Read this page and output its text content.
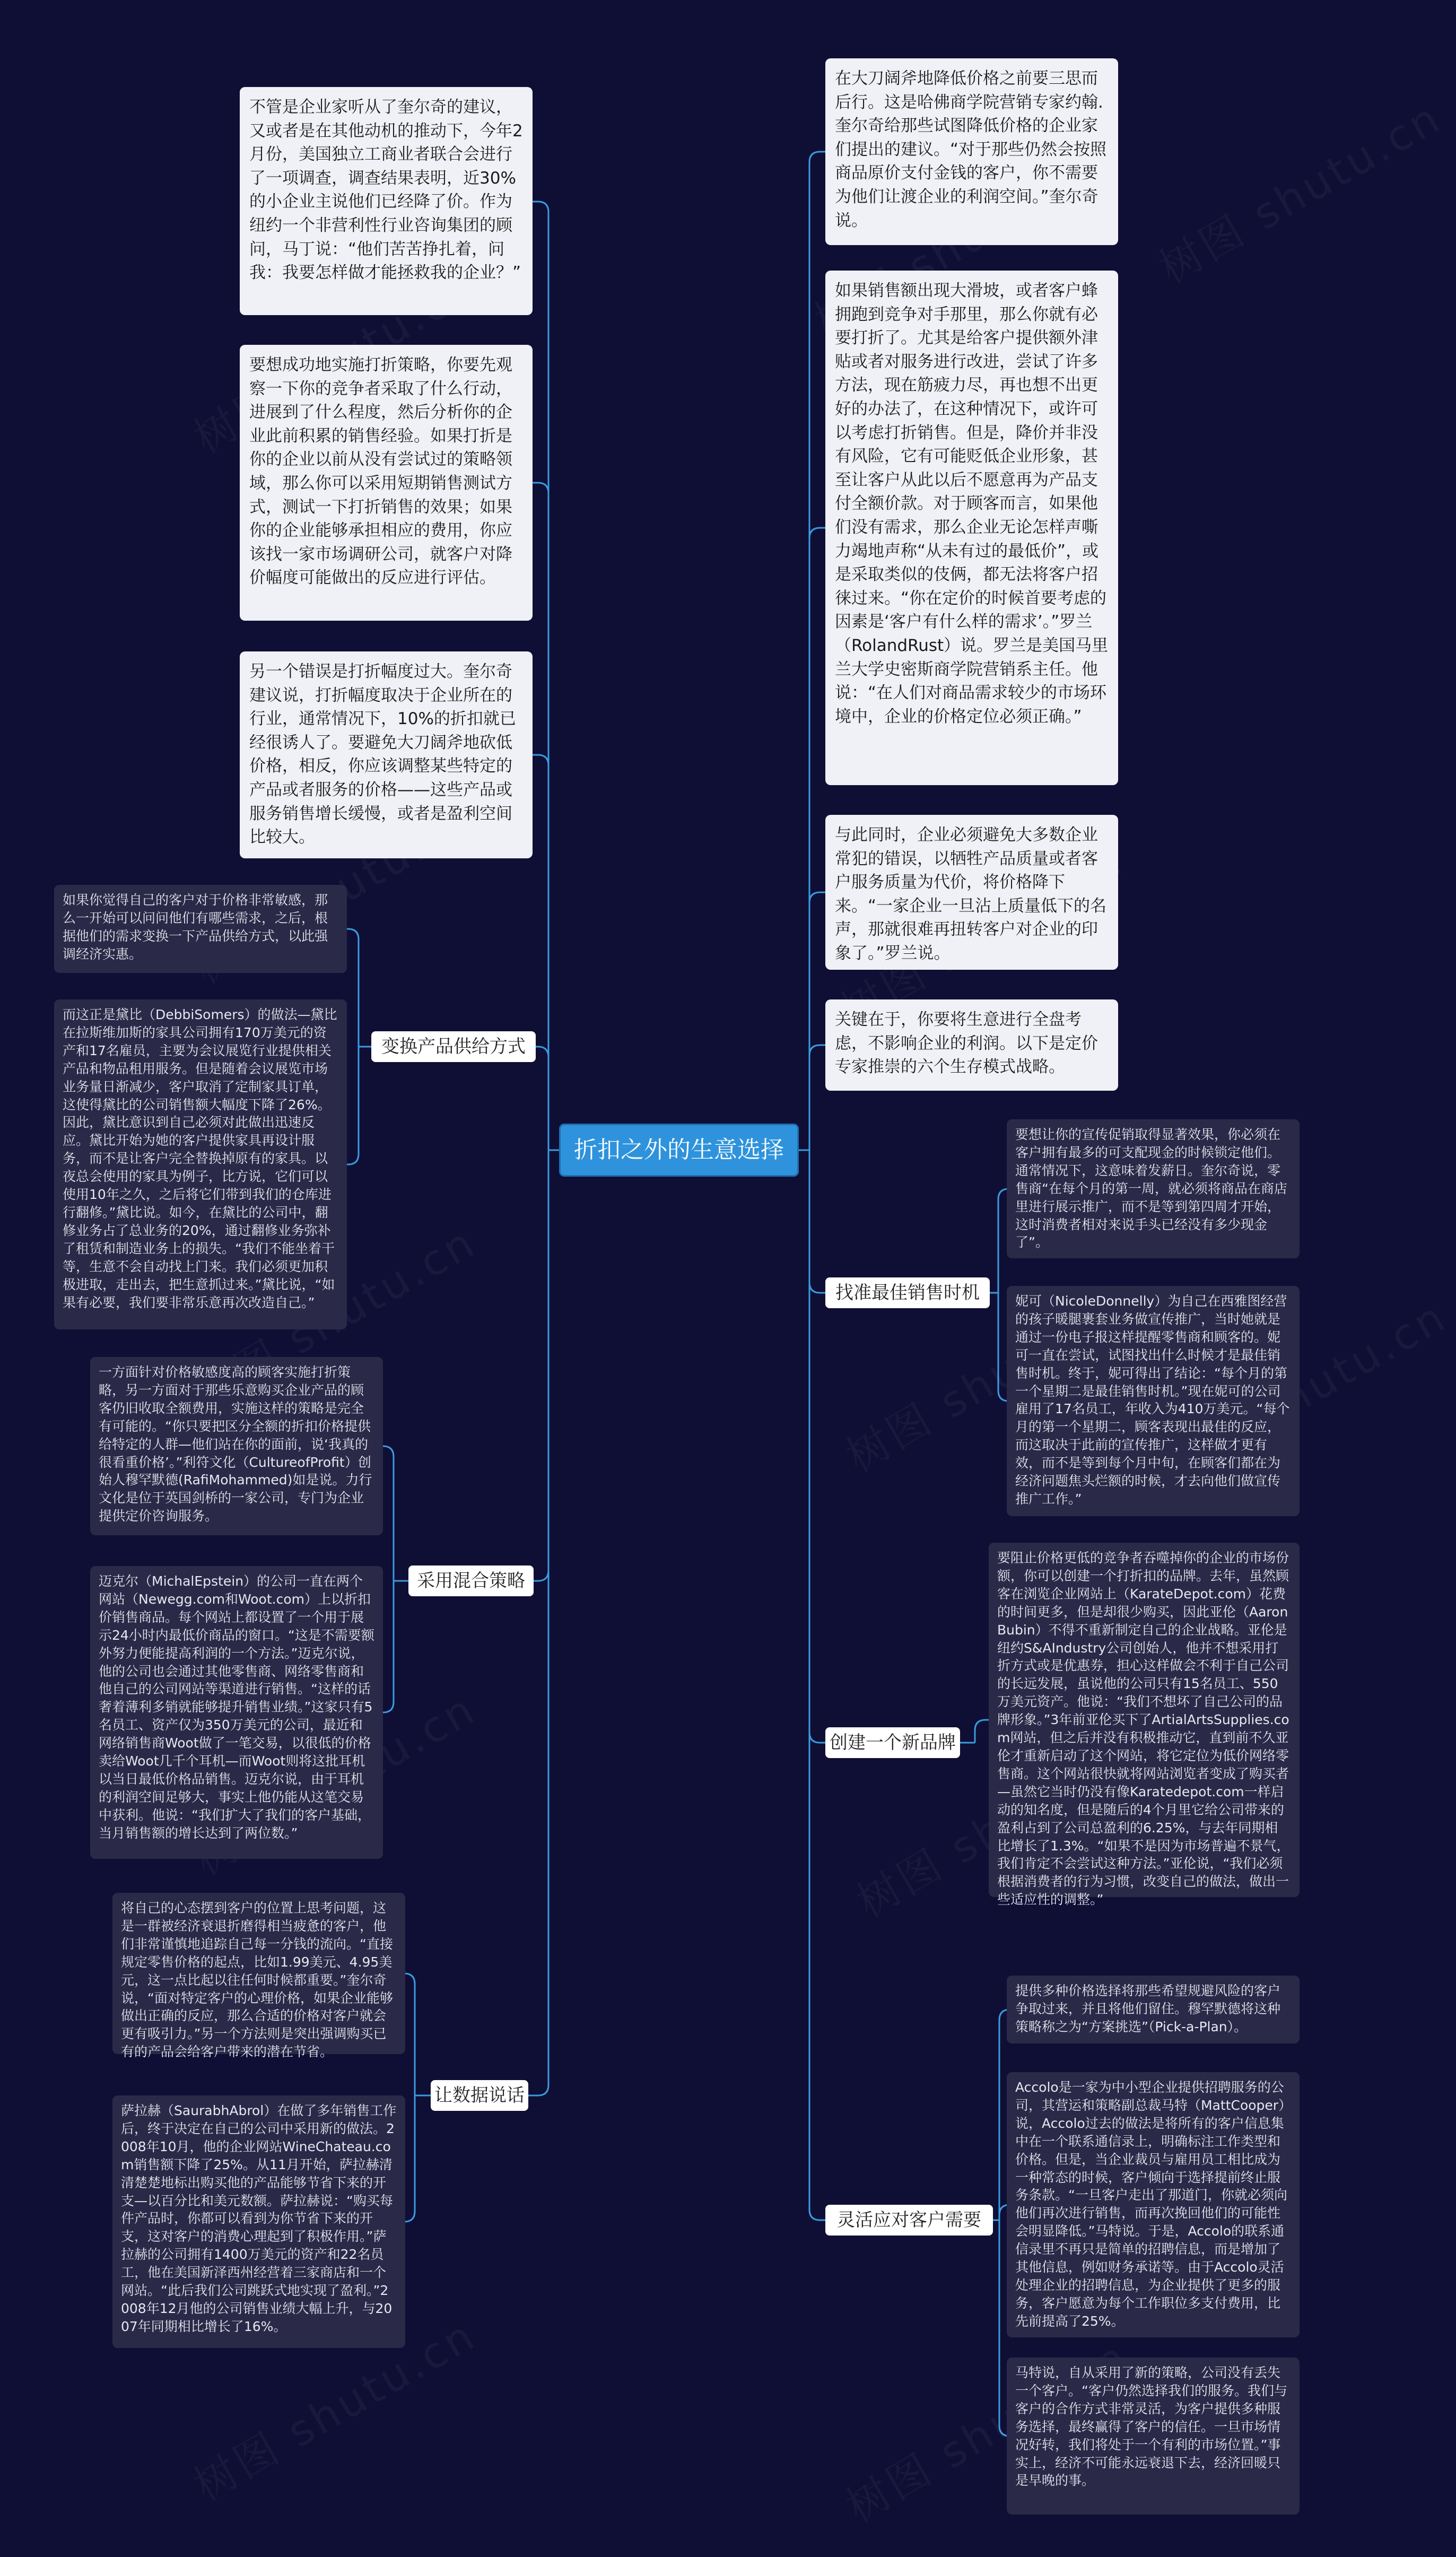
折扣之外的生意选择
不管是企业家听从了奎尔奇的建议，又或者是在其他动机的推动下，今年2月份，美国独立工商业者联合会进行了一项调查，调查结果表明，近30%的小企业主说他们已经降了价。作为纽约一个非营利性行业咨询集团的顾问，马丁说：“他们苦苦挣扎着，问我：我要怎样做才能拯救我的企业？”
要想成功地实施打折策略，你要先观察一下你的竞争者采取了什么行动，进展到了什么程度，然后分析你的企业此前积累的销售经验。如果打折是你的企业以前从没有尝试过的策略领域，那么你可以采用短期销售测试方式，测试一下打折销售的效果；如果你的企业能够承担相应的费用，你应该找一家市场调研公司，就客户对降价幅度可能做出的反应进行评估。
另一个错误是打折幅度过大。奎尔奇建议说，打折幅度取决于企业所在的行业，通常情况下，10%的折扣就已经很诱人了。要避免大刀阔斧地砍低价格，相反，你应该调整某些特定的产品或者服务的价格——这些产品或服务销售增长缓慢，或者是盈利空间比较大。
在大刀阔斧地降低价格之前要三思而后行。这是哈佛商学院营销专家约翰.奎尔奇给那些试图降低价格的企业家们提出的建议。“对于那些仍然会按照商品原价支付金钱的客户，你不需要为他们让渡企业的利润空间。”奎尔奇说。
如果销售额出现大滑坡，或者客户蜂拥跑到竞争对手那里，那么你就有必要打折了。尤其是给客户提供额外津贴或者对服务进行改进，尝试了许多方法，现在筋疲力尽，再也想不出更好的办法了，在这种情况下，或许可以考虑打折销售。但是，降价并非没有风险，它有可能贬低企业形象，甚至让客户从此以后不愿意再为产品支付全额价款。对于顾客而言，如果他们没有需求，那么企业无论怎样声嘶力竭地声称“从未有过的最低价”，或是采取类似的伎俩，都无法将客户招徕过来。“你在定价的时候首要考虑的因素是‘客户有什么样的需求’。”罗兰（RolandRust）说。罗兰是美国马里兰大学史密斯商学院营销系主任。他说：“在人们对商品需求较少的市场环境中，企业的价格定位必须正确。”
与此同时，企业必须避免大多数企业常犯的错误，以牺牲产品质量或者客户服务质量为代价，将价格降下来。“一家企业一旦沾上质量低下的名声，那就很难再扭转客户对企业的印象了。”罗兰说。
关键在于，你要将生意进行全盘考虑，不影响企业的利润。以下是定价专家推崇的六个生存模式战略。
变换产品供给方式
如果你觉得自己的客户对于价格非常敏感，那么一开始可以问问他们有哪些需求，之后，根据他们的需求变换一下产品供给方式，以此强调经济实惠。
而这正是黛比（DebbiSomers）的做法—黛比在拉斯维加斯的家具公司拥有170万美元的资产和17名雇员，主要为会议展览行业提供相关产品和物品租用服务。但是随着会议展览市场业务量日渐减少，客户取消了定制家具订单，这使得黛比的公司销售额大幅度下降了26%。因此，黛比意识到自己必须对此做出迅速反应。黛比开始为她的客户提供家具再设计服务，而不是让客户完全替换掉原有的家具。以夜总会使用的家具为例子，比方说，它们可以使用10年之久，之后将它们带到我们的仓库进行翻修。”黛比说。如今，在黛比的公司中，翻修业务占了总业务的20%，通过翻修业务弥补了租赁和制造业务上的损失。“我们不能坐着干等，生意不会自动找上门来。我们必须更加积极进取，走出去，把生意抓过来。”黛比说，“如果有必要，我们要非常乐意再次改造自己。”	找准最佳销售时机
要想让你的宣传促销取得显著效果，你必须在客户拥有最多的可支配现金的时候锁定他们。通常情况下，这意味着发薪日。奎尔奇说，零售商“在每个月的第一周，就必须将商品在商店里进行展示推广，而不是等到第四周才开始，这时消费者相对来说手头已经没有多少现金了”。
妮可（NicoleDonnelly）为自己在西雅图经营的孩子暖腿裹套业务做宣传推广，当时她就是通过一份电子报这样提醒零售商和顾客的。妮可一直在尝试，试图找出什么时候才是最佳销售时机。终于，妮可得出了结论：“每个月的第一个星期二是最佳销售时机。”现在妮可的公司雇用了17名员工，年收入为410万美元。“每个月的第一个星期二，顾客表现出最佳的反应，而这取决于此前的宣传推广，这样做才更有效，而不是等到每个月中旬，在顾客们都在为经济问题焦头烂额的时候，才去向他们做宣传推广工作。”
采用混合策略
一方面针对价格敏感度高的顾客实施打折策略，另一方面对于那些乐意购买企业产品的顾客仍旧收取全额费用，实施这样的策略是完全有可能的。“你只要把区分全额的折扣价格提供给特定的人群—他们站在你的面前，说‘我真的很看重价格’。”利符文化（CultureofProfit）创始人穆罕默德(RafiMohammed)如是说。力行文化是位于英国剑桥的一家公司，专门为企业提供定价咨询服务。
迈克尔（MichalEpstein）的公司一直在两个网站（Newegg.com和Woot.com）上以折扣价销售商品。每个网站上都设置了一个用于展示24小时内最低价商品的窗口。“这是不需要额外努力便能提高利润的一个方法。”迈克尔说，他的公司也会通过其他零售商、网络零售商和他自己的公司网站等渠道进行销售。“这样的话奢着薄利多销就能够提升销售业绩。”这家只有5名员工、资产仅为350万美元的公司，最近和网络销售商Woot做了一笔交易，以很低的价格卖给Woot几千个耳机—而Woot则将这批耳机以当日最低价格品销售。迈克尔说，由于耳机的利润空间足够大，事实上他仍能从这笔交易中获利。他说：“我们扩大了我们的客户基础，当月销售额的增长达到了两位数。”
创建一个新品牌
要阻止价格更低的竞争者吞噬掉你的企业的市场份额，你可以创建一个打折扣的品牌。去年，虽然顾客在浏览企业网站上（KarateDepot.com）花费的时间更多，但是却很少购买，因此亚伦（AaronBubin）不得不重新制定自己的企业战略。亚伦是纽约S&AIndustry公司创始人，他并不想采用打折方式或是优惠券，担心这样做会不利于自己公司的长远发展，虽说他的公司只有15名员工、550万美元资产。他说：“我们不想坏了自己公司的品牌形象。”3年前亚伦买下了ArtialArtsSupplies.com网站，但之后并没有积极推动它，直到前不久亚伦才重新启动了这个网站，将它定位为低价网络零售商。这个网站很快就将网站浏览者变成了购买者—虽然它当时仍没有像Karatedepot.com一样启动的知名度，但是随后的4个月里它给公司带来的盈利占到了公司总盈利的6.25%，与去年同期相比增长了1.3%。“如果不是因为市场普遍不景气，我们肯定不会尝试这种方法。”亚伦说，“我们必须根据消费者的行为习惯，改变自己的做法，做出一些适应性的调整。”
灵活应对客户需要
提供多种价格选择将那些希望规避风险的客户争取过来，并且将他们留住。穆罕默德将这种策略称之为“方案挑选”（Pick-a-Plan）。
Accolo是一家为中小型企业提供招聘服务的公司，其营运和策略副总裁马特（MattCooper）说，Accolo过去的做法是将所有的客户信息集中在一个联系通信录上，明确标注工作类型和价格。但是，当企业裁员与雇用员工相比成为一种常态的时候，客户倾向于选择提前终止服务条款。“一旦客户走出了那道门，你就必须向他们再次进行销售，而再次挽回他们的可能性会明显降低。”马特说。于是，Accolo的联系通信录里不再只是简单的招聘信息，而是增加了其他信息，例如财务承诺等。由于Accolo灵活处理企业的招聘信息，为企业提供了更多的服务，客户愿意为每个工作职位多支付费用，比先前提高了25%。
马特说，自从采用了新的策略，公司没有丢失一个客户。“客户仍然选择我们的服务。我们与客户的合作方式非常灵活，为客户提供多种服务选择，最终赢得了客户的信任。一旦市场情况好转，我们将处于一个有利的市场位置。”事实上，经济不可能永远衰退下去，经济回暖只是早晚的事。
让数据说话
将自己的心态摆到客户的位置上思考问题，这是一群被经济衰退折磨得相当疲惫的客户，他们非常谨慎地追踪自己每一分钱的流向。“直接规定零售价格的起点，比如1.99美元、4.95美元，这一点比起以往任何时候都重要。”奎尔奇说，“面对特定客户的心理价格，如果企业能够做出正确的反应，那么合适的价格对客户就会更有吸引力。”另一个方法则是突出强调购买已有的产品会给客户带来的潜在节省。
萨拉赫（SaurabhAbrol）在做了多年销售工作后，终于决定在自己的公司中采用新的做法。2008年10月，他的企业网站WineChateau.com销售额下降了25%。从11月开始，萨拉赫清清楚楚地标出购买他的产品能够节省下来的开支—以百分比和美元数额。萨拉赫说：“购买每件产品时，你都可以看到为你节省下来的开支，这对客户的消费心理起到了积极作用。”萨拉赫的公司拥有1400万美元的资产和22名员工，他在美国新泽西州经营着三家商店和一个网站。“此后我们公司跳跃式地实现了盈利。”2008年12月他的公司销售业绩大幅上升，与2007年同期相比增长了16%。
